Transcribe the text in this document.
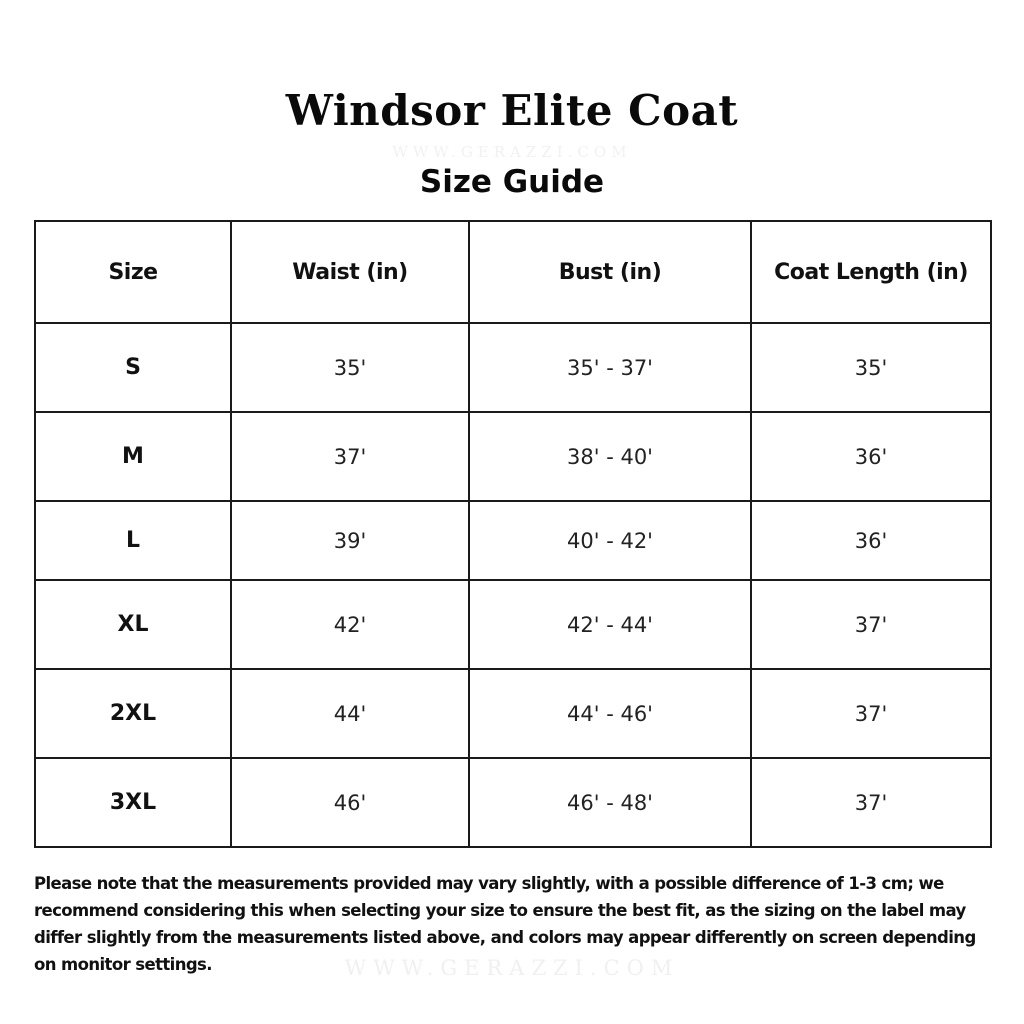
Windsor Elite Coat
WWW.GERAZZI.COM
Size Guide
Size	Waist (in)	Bust (in)	Coat Length (in)
S	35'	35' - 37'	35'
M	37'	38' - 40'	36'
L	39'	40' - 42'	36'
XL	42'	42' - 44'	37'
2XL	44'	44' - 46'	37'
3XL	46'	46' - 48'	37'
Please note that the measurements provided may vary slightly, with a possible difference of 1-3 cm; we recommend considering this when selecting your size to ensure the best fit, as the sizing on the label may differ slightly from the measurements listed above, and colors may appear differently on screen depending on monitor settings.	WWW.GERAZZI.COM
